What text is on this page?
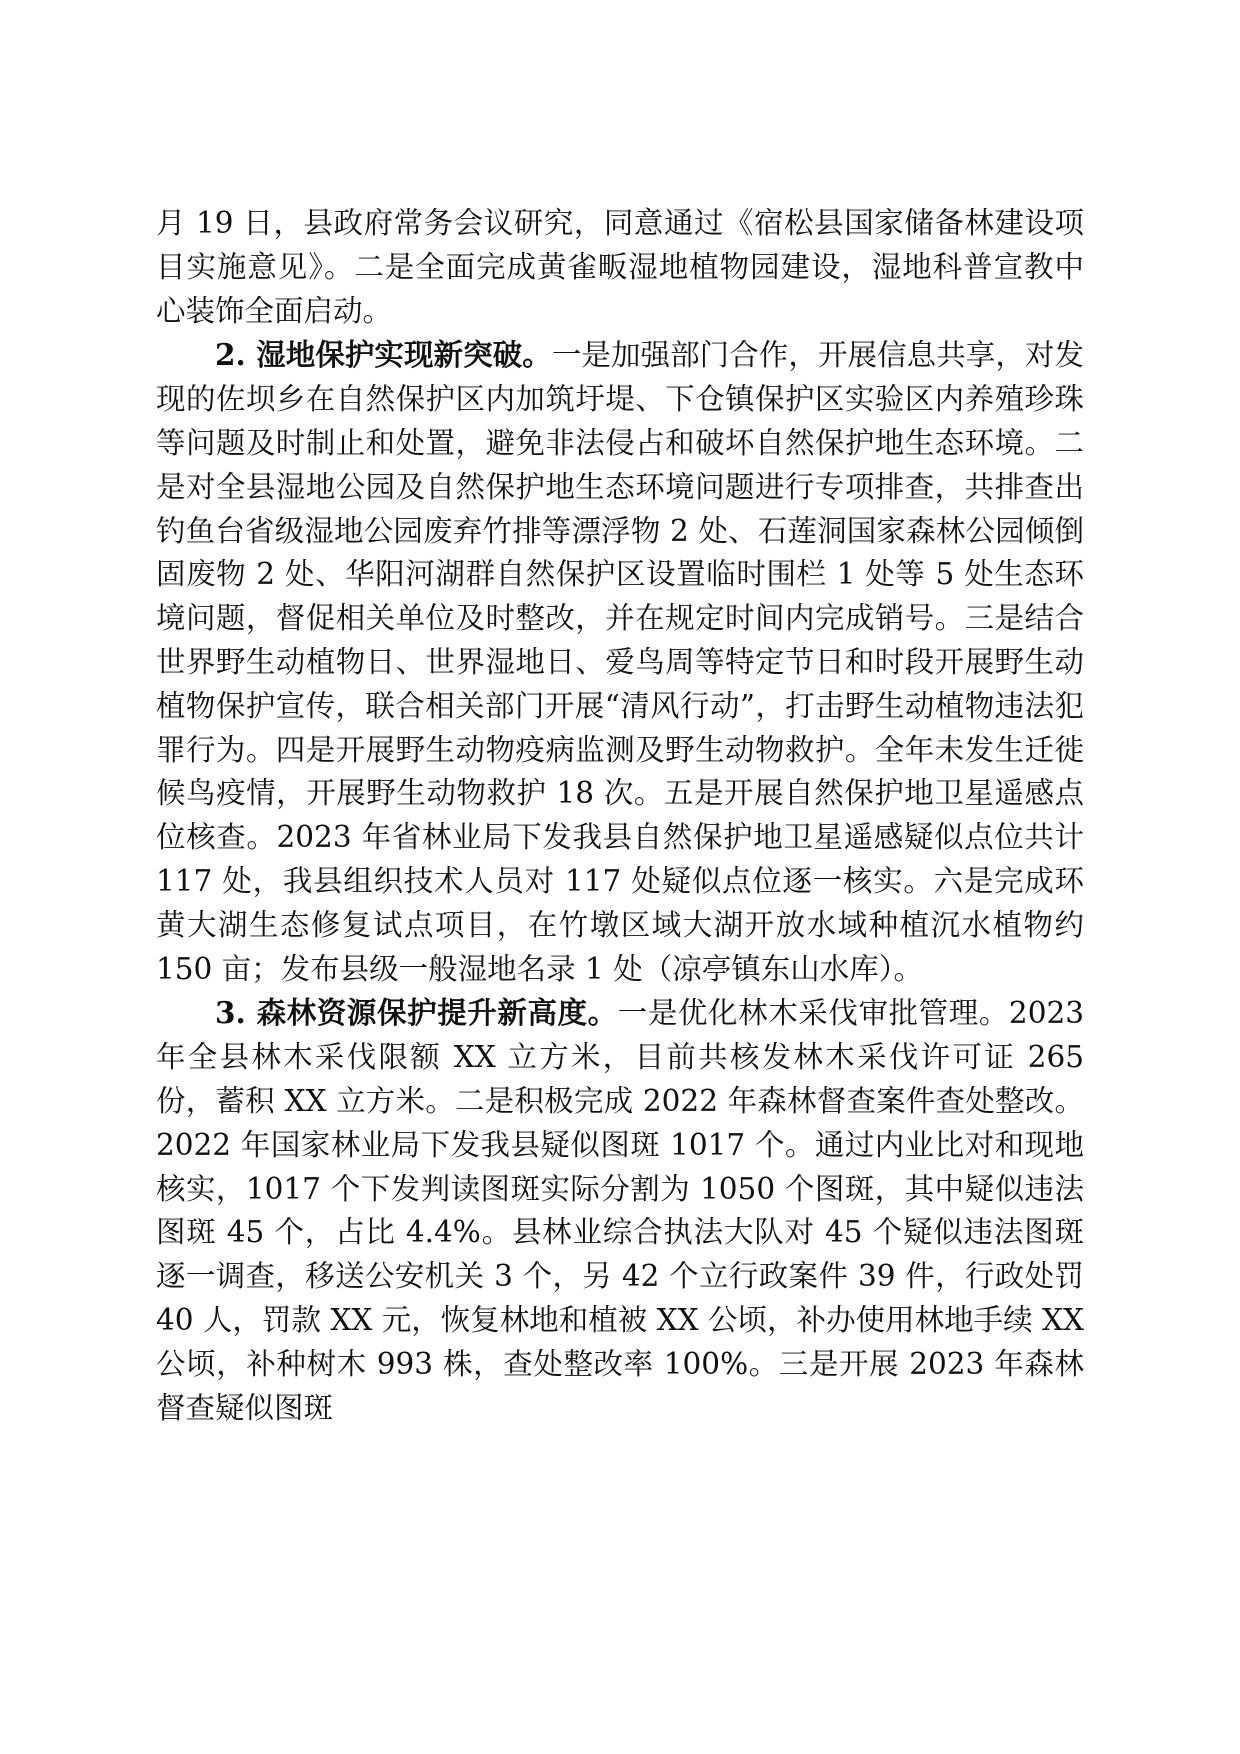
月 19 日，县政府常务会议研究，同意通过《宿松县国家储备林建设项目实施意见》。二是全面完成黄雀畈湿地植物园建设，湿地科普宣教中心装饰全面启动。

2. 湿地保护实现新突破。一是加强部门合作，开展信息共享，对发现的佐坝乡在自然保护区内加筑圩堤、下仓镇保护区实验区内养殖珍珠等问题及时制止和处置，避免非法侵占和破坏自然保护地生态环境。二是对全县湿地公园及自然保护地生态环境问题进行专项排查，共排查出钓鱼台省级湿地公园废弃竹排等漂浮物 2 处、石莲洞国家森林公园倾倒固废物 2 处、华阳河湖群自然保护区设置临时围栏 1 处等 5 处生态环境问题，督促相关单位及时整改，并在规定时间内完成销号。三是结合世界野生动植物日、世界湿地日、爱鸟周等特定节日和时段开展野生动植物保护宣传，联合相关部门开展“清风行动”，打击野生动植物违法犯罪行为。四是开展野生动物疫病监测及野生动物救护。全年未发生迁徙候鸟疫情，开展野生动物救护 18 次。五是开展自然保护地卫星遥感点位核查。2023 年省林业局下发我县自然保护地卫星遥感疑似点位共计 117 处，我县组织技术人员对 117 处疑似点位逐一核实。六是完成环黄大湖生态修复试点项目，在竹墩区域大湖开放水域种植沉水植物约 150 亩；发布县级一般湿地名录 1 处（凉亭镇东山水库）。

3. 森林资源保护提升新高度。一是优化林木采伐审批管理。2023 年全县林木采伐限额 XX 立方米，目前共核发林木采伐许可证 265 份，蓄积 XX 立方米。二是积极完成 2022 年森林督查案件查处整改。2022 年国家林业局下发我县疑似图斑 1017 个。通过内业比对和现地核实，1017 个下发判读图斑实际分割为 1050 个图斑，其中疑似违法图斑 45 个，占比 4.4%。县林业综合执法大队对 45 个疑似违法图斑逐一调查，移送公安机关 3 个，另 42 个立行政案件 39 件，行政处罚 40 人，罚款 XX 元，恢复林地和植被 XX 公顷，补办使用林地手续 XX 公顷，补种树木 993 株，查处整改率 100%。三是开展 2023 年森林督查疑似图斑
